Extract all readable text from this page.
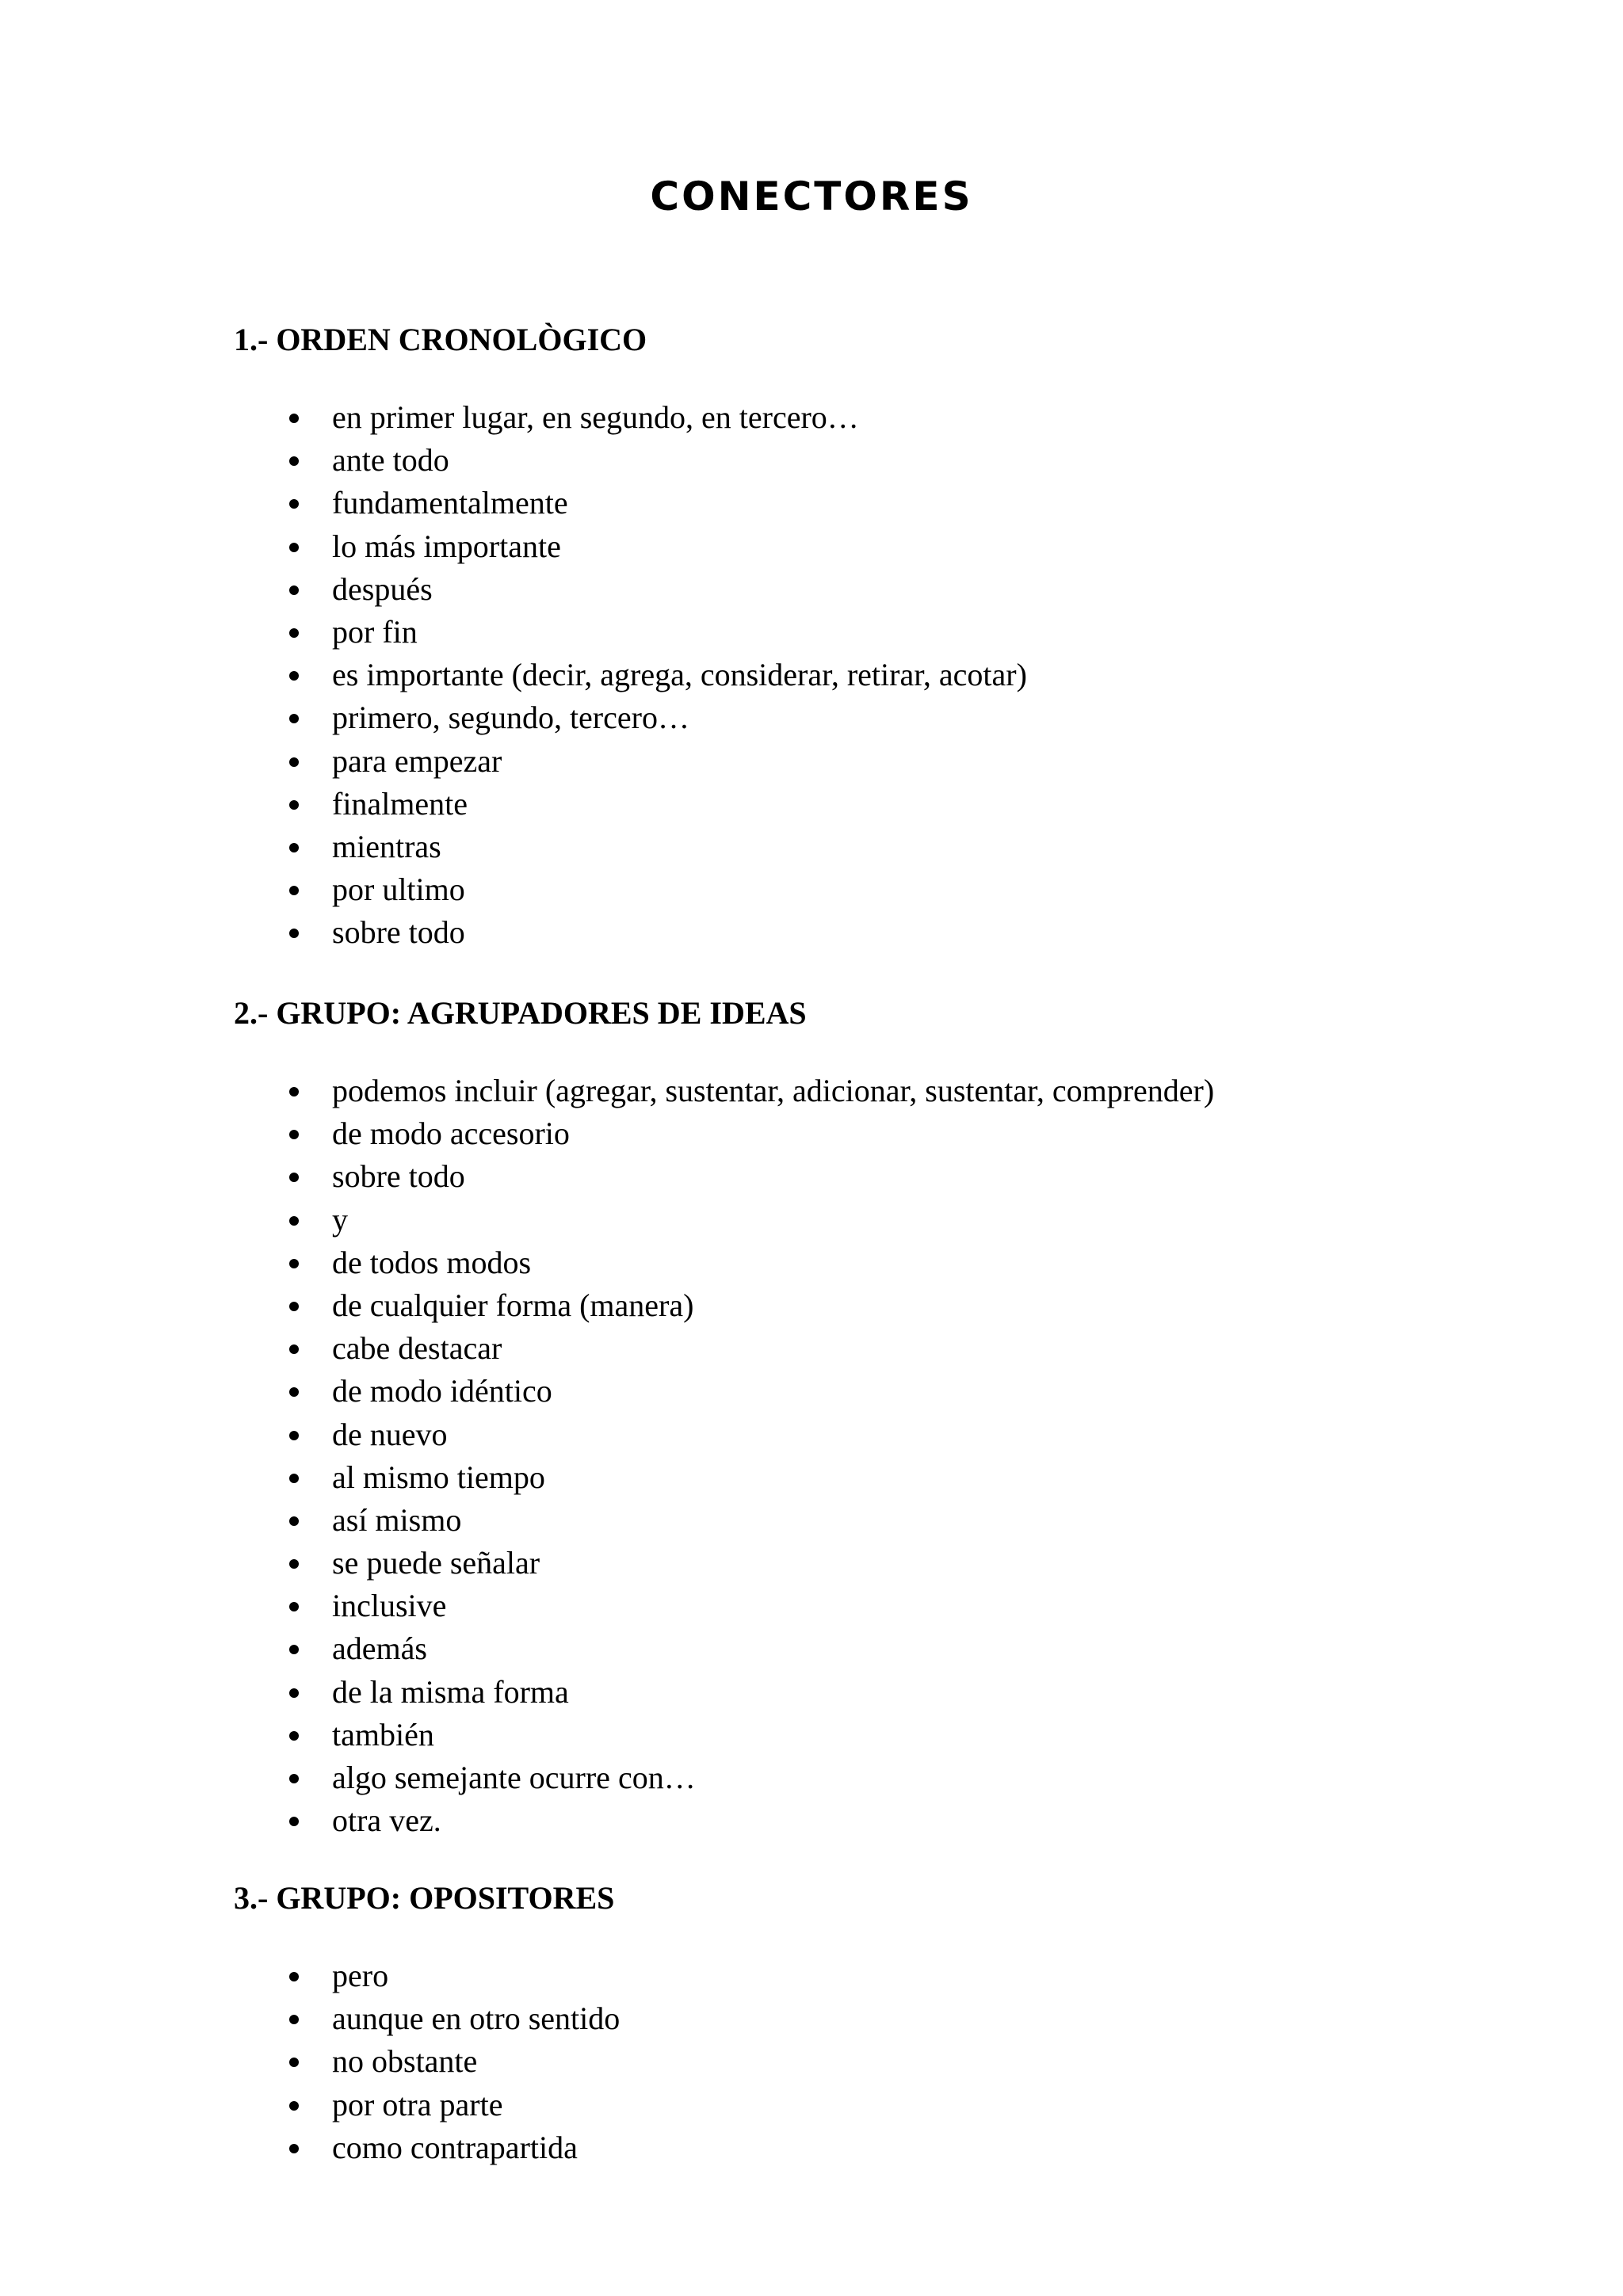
CONECTORES
1.- ORDEN CRONOLÒGICO
en primer lugar, en segundo, en tercero…
ante todo
fundamentalmente
lo más importante
después
por fin
es importante (decir, agrega, considerar, retirar, acotar)
primero, segundo, tercero…
para empezar
finalmente
mientras
por ultimo
sobre todo
2.- GRUPO: AGRUPADORES DE IDEAS
podemos incluir (agregar, sustentar, adicionar, sustentar, comprender)
de modo accesorio
sobre todo
y
de todos modos
de cualquier forma (manera)
cabe destacar
de modo idéntico
de nuevo
al mismo tiempo
así mismo
se puede señalar
inclusive
además
de la misma forma
también
algo semejante ocurre con…
otra vez.
3.- GRUPO: OPOSITORES
pero
aunque en otro sentido
no obstante
por otra parte
como contrapartida
